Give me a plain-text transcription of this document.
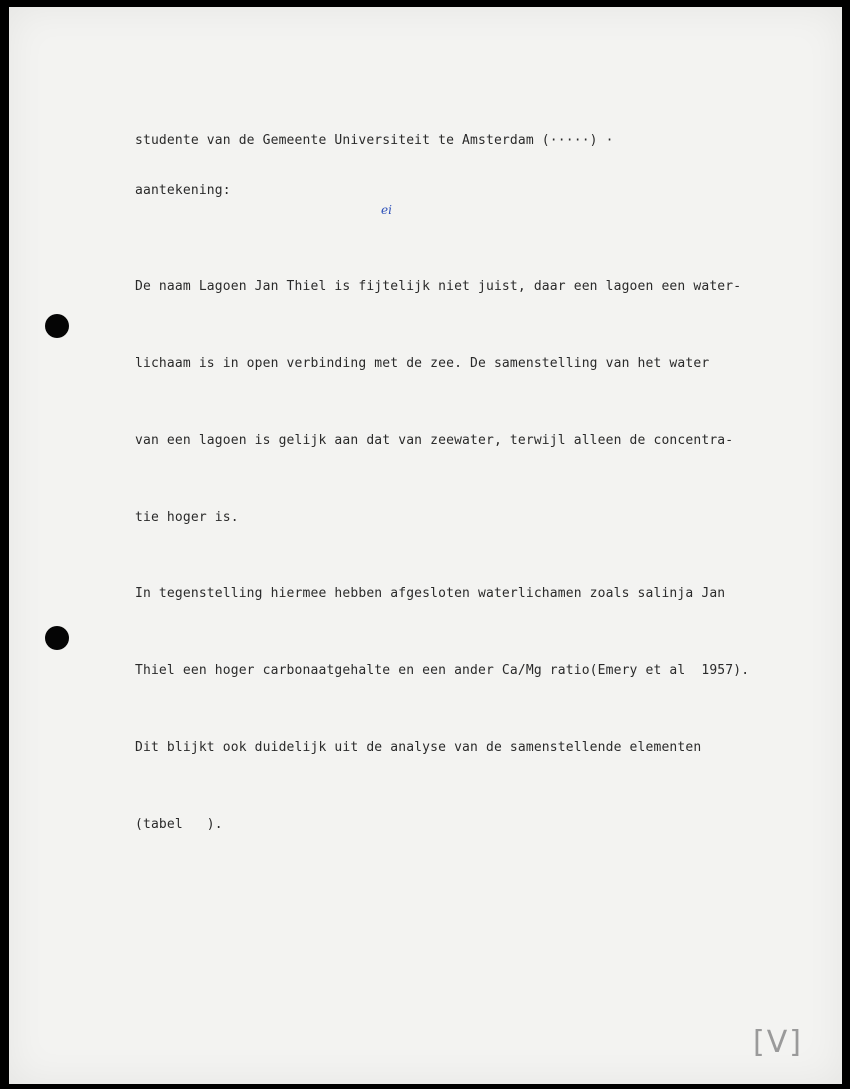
studente van de Gemeente Universiteit te Amsterdam (·····) ·
aantekening:
ei

De naam Lagoen Jan Thiel is fijtelijk niet juist, daar een lagoen een water-

lichaam is in open verbinding met de zee. De samenstelling van het water

van een lagoen is gelijk aan dat van zeewater, terwijl alleen de concentra-

tie hoger is.

In tegenstelling hiermee hebben afgesloten waterlichamen zoals salinja Jan

Thiel een hoger carbonaatgehalte en een ander Ca/Mg ratio(Emery et al  1957).

Dit blijkt ook duidelijk uit de analyse van de samenstellende elementen

(tabel   ).

[V]
